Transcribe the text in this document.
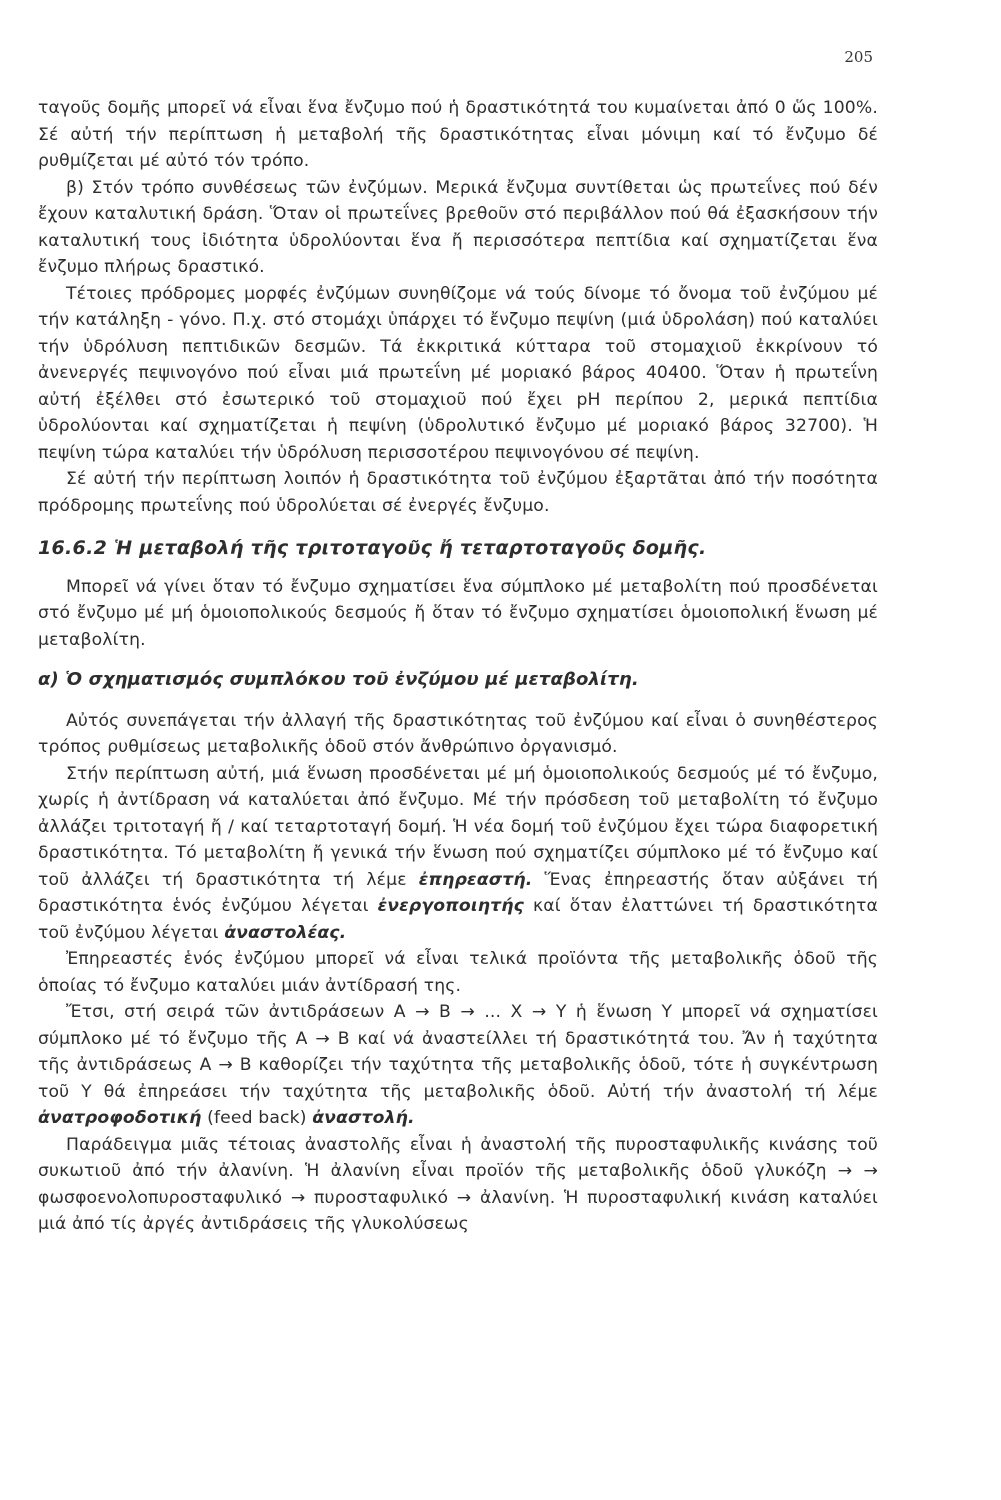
205

ταγοῦς δομῆς μπορεῖ νά εἶναι ἕνα ἔνζυμο πού ἡ δραστικότητά του κυμαίνεται ἀπό 0 ὥς 100%. Σέ αὐτή τήν περίπτωση ἡ μεταβολή τῆς δραστικότητας εἶναι μόνιμη καί τό ἔνζυμο δέ ρυθμίζεται μέ αὐτό τόν τρόπο.

β) Στόν τρόπο συνθέσεως τῶν ἐνζύμων. Μερικά ἔνζυμα συντίθεται ὡς πρωτεΐνες πού δέν ἔχουν καταλυτική δράση. Ὅταν οἱ πρωτεΐνες βρεθοῦν στό περιβάλλον πού θά ἐξασκήσουν τήν καταλυτική τους ἰδιότητα ὑδρολύονται ἕνα ἤ περισσότερα πεπτίδια καί σχηματίζεται ἕνα ἔνζυμο πλήρως δραστικό.

Τέτοιες πρόδρομες μορφές ἐνζύμων συνηθίζομε νά τούς δίνομε τό ὄνομα τοῦ ἐνζύμου μέ τήν κατάληξη - γόνο. Π.χ. στό στομάχι ὑπάρχει τό ἔνζυμο πεψίνη (μιά ὑδρολάση) πού καταλύει τήν ὑδρόλυση πεπτιδικῶν δεσμῶν. Τά ἐκκριτικά κύτταρα τοῦ στομαχιοῦ ἐκκρίνουν τό ἀνενεργές πεψινογόνο πού εἶναι μιά πρωτεΐνη μέ μοριακό βάρος 40400. Ὅταν ἡ πρωτεΐνη αὐτή ἐξέλθει στό ἐσωτερικό τοῦ στομαχιοῦ πού ἔχει pH περίπου 2, μερικά πεπτίδια ὑδρολύονται καί σχηματίζεται ἡ πεψίνη (ὑδρολυτικό ἔνζυμο μέ μοριακό βάρος 32700). Ἡ πεψίνη τώρα καταλύει τήν ὑδρόλυση περισσοτέρου πεψινογόνου σέ πεψίνη.

Σέ αὐτή τήν περίπτωση λοιπόν ἡ δραστικότητα τοῦ ἐνζύμου ἐξαρτᾶται ἀπό τήν ποσότητα πρόδρομης πρωτεΐνης πού ὑδρολύεται σέ ἐνεργές ἔνζυμο.

16.6.2 Ἡ μεταβολή τῆς τριτοταγοῦς ἤ τεταρτοταγοῦς δομῆς.

Μπορεῖ νά γίνει ὅταν τό ἔνζυμο σχηματίσει ἕνα σύμπλοκο μέ μεταβολίτη πού προσδένεται στό ἔνζυμο μέ μή ὁμοιοπολικούς δεσμούς ἤ ὅταν τό ἔνζυμο σχηματίσει ὁμοιοπολική ἕνωση μέ μεταβολίτη.

α) Ὁ σχηματισμός συμπλόκου τοῦ ἐνζύμου μέ μεταβολίτη.

Αὐτός συνεπάγεται τήν ἀλλαγή τῆς δραστικότητας τοῦ ἐνζύμου καί εἶναι ὁ συνηθέστερος τρόπος ρυθμίσεως μεταβολικῆς ὁδοῦ στόν ἄνθρώπινο ὀργανισμό.

Στήν περίπτωση αὐτή, μιά ἕνωση προσδένεται μέ μή ὁμοιοπολικούς δεσμούς μέ τό ἔνζυμο, χωρίς ἡ ἀντίδραση νά καταλύεται ἀπό ἔνζυμο. Μέ τήν πρόσδεση τοῦ μεταβολίτη τό ἔνζυμο ἀλλάζει τριτοταγή ἤ / καί τεταρτοταγή δομή. Ἡ νέα δομή τοῦ ἐνζύμου ἔχει τώρα διαφορετική δραστικότητα. Τό μεταβολίτη ἤ γενικά τήν ἕνωση πού σχηματίζει σύμπλοκο μέ τό ἔνζυμο καί τοῦ ἀλλάζει τή δραστικότητα τή λέμε ἐπηρεαστή. Ἕνας ἐπηρεαστής ὅταν αὐξάνει τή δραστικότητα ἑνός ἐνζύμου λέγεται ἐνεργοποιητής καί ὅταν ἐλαττώνει τή δραστικότητα τοῦ ἐνζύμου λέγεται ἀναστολέας.

Ἐπηρεαστές ἑνός ἐνζύμου μπορεῖ νά εἶναι τελικά προϊόντα τῆς μεταβολικῆς ὁδοῦ τῆς ὁποίας τό ἔνζυμο καταλύει μιάν ἀντίδρασή της.

Ἔτσι, στή σειρά τῶν ἀντιδράσεων A → B → ... X → Y ἡ ἕνωση Y μπορεῖ νά σχηματίσει σύμπλοκο μέ τό ἔνζυμο τῆς A → B καί νά ἀναστείλλει τή δραστικότητά του. Ἄν ἡ ταχύτητα τῆς ἀντιδράσεως A → B καθορίζει τήν ταχύτητα τῆς μεταβολικῆς ὁδοῦ, τότε ἡ συγκέντρωση τοῦ Y θά ἐπηρεάσει τήν ταχύτητα τῆς μεταβολικῆς ὁδοῦ. Αὐτή τήν ἀναστολή τή λέμε ἀνατροφοδοτική (feed back) ἀναστολή.

Παράδειγμα μιᾶς τέτοιας ἀναστολῆς εἶναι ἡ ἀναστολή τῆς πυροσταφυλικῆς κινάσης τοῦ συκωτιοῦ ἀπό τήν ἀλανίνη. Ἡ ἀλανίνη εἶναι προϊόν τῆς μεταβολικῆς ὁδοῦ γλυκόζη → → φωσφοενολοπυροσταφυλικό → πυροσταφυλικό → ἀλανίνη. Ἡ πυροσταφυλική κινάση καταλύει μιά ἀπό τίς ἀργές ἀντιδράσεις τῆς γλυκολύσεως
